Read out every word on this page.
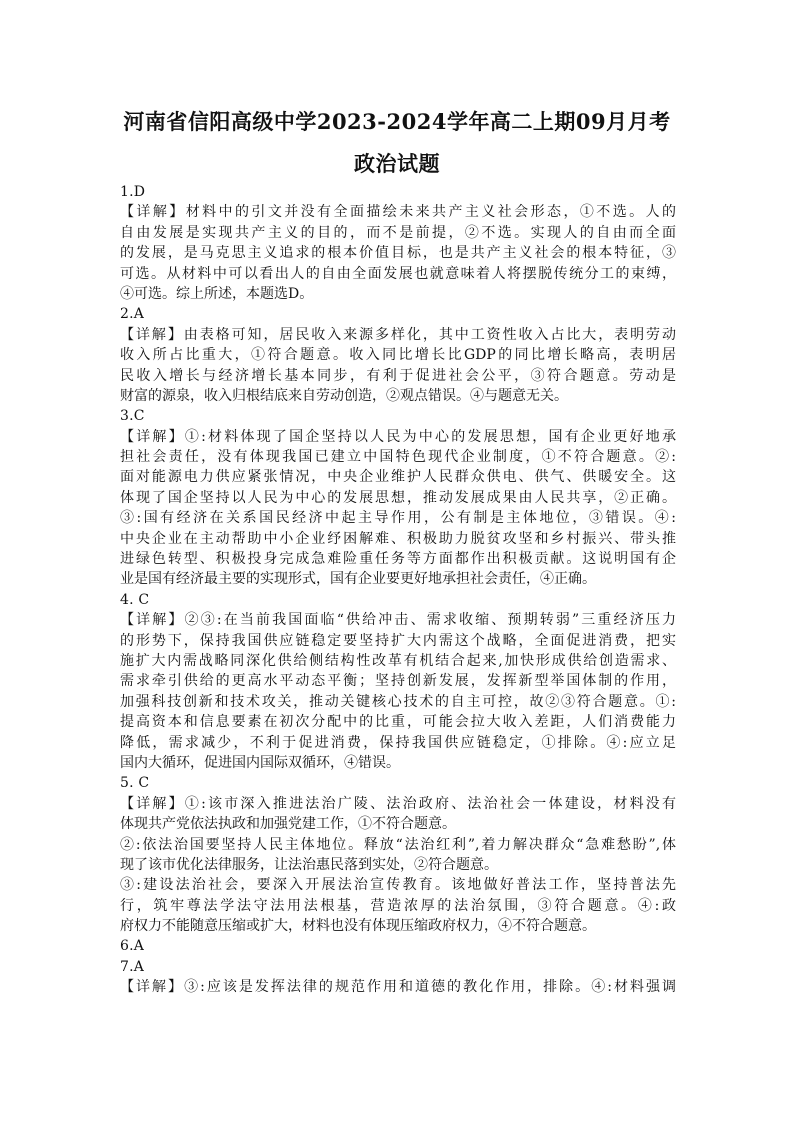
河南省信阳高级中学2023-2024学年高二上期09月月考
政治试题
1.D
【详解】材料中的引文并没有全面描绘未来共产主义社会形态，①不选。人的
自由发展是实现共产主义的目的，而不是前提，②不选。实现人的自由而全面
的发展，是马克思主义追求的根本价值目标，也是共产主义社会的根本特征，③
可选。从材料中可以看出人的自由全面发展也就意味着人将摆脱传统分工的束缚，
④可选。综上所述，本题选D。
2.A
【详解】由表格可知，居民收入来源多样化，其中工资性收入占比大，表明劳动
收入所占比重大，①符合题意。收入同比增长比GDP的同比增长略高，表明居
民收入增长与经济增长基本同步，有利于促进社会公平，③符合题意。劳动是
财富的源泉，收入归根结底来自劳动创造，②观点错误。④与题意无关。
3.C
【详解】①:材料体现了国企坚持以人民为中心的发展思想，国有企业更好地承
担社会责任，没有体现我国已建立中国特色现代企业制度，①不符合题意。②:
面对能源电力供应紧张情况，中央企业维护人民群众供电、供气、供暖安全。这
体现了国企坚持以人民为中心的发展思想，推动发展成果由人民共享，②正确。
③:国有经济在关系国民经济中起主导作用，公有制是主体地位，③错误。④:
中央企业在主动帮助中小企业纾困解难、积极助力脱贫攻坚和乡村振兴、带头推
进绿色转型、积极投身完成急难险重任务等方面都作出积极贡献。这说明国有企
业是国有经济最主要的实现形式，国有企业要更好地承担社会责任，④正确。
4. C
【详解】②③:在当前我国面临“供给冲击、需求收缩、预期转弱”三重经济压力
的形势下，保持我国供应链稳定要坚持扩大内需这个战略，全面促进消费，把实
施扩大内需战略同深化供给侧结构性改革有机结合起来,加快形成供给创造需求、
需求牵引供给的更高水平动态平衡；坚持创新发展，发挥新型举国体制的作用，
加强科技创新和技术攻关，推动关键核心技术的自主可控，故②③符合题意。①:
提高资本和信息要素在初次分配中的比重，可能会拉大收入差距，人们消费能力
降低，需求减少，不利于促进消费，保持我国供应链稳定，①排除。④:应立足
国内大循环，促进国内国际双循环，④错误。
5. C
【详解】①:该市深入推进法治广陵、法治政府、法治社会一体建设，材料没有
体现共产党依法执政和加强党建工作，①不符合题意。
②:依法治国要坚持人民主体地位。释放“法治红利”,着力解决群众“急难愁盼”,体
现了该市优化法律服务，让法治惠民落到实处，②符合题意。
③:建设法治社会，要深入开展法治宣传教育。该地做好普法工作，坚持普法先
行，筑牢尊法学法守法用法根基，营造浓厚的法治氛围，③符合题意。④:政
府权力不能随意压缩或扩大，材料也没有体现压缩政府权力，④不符合题意。
6.A
7.A
【详解】③:应该是发挥法律的规范作用和道德的教化作用，排除。④:材料强调
